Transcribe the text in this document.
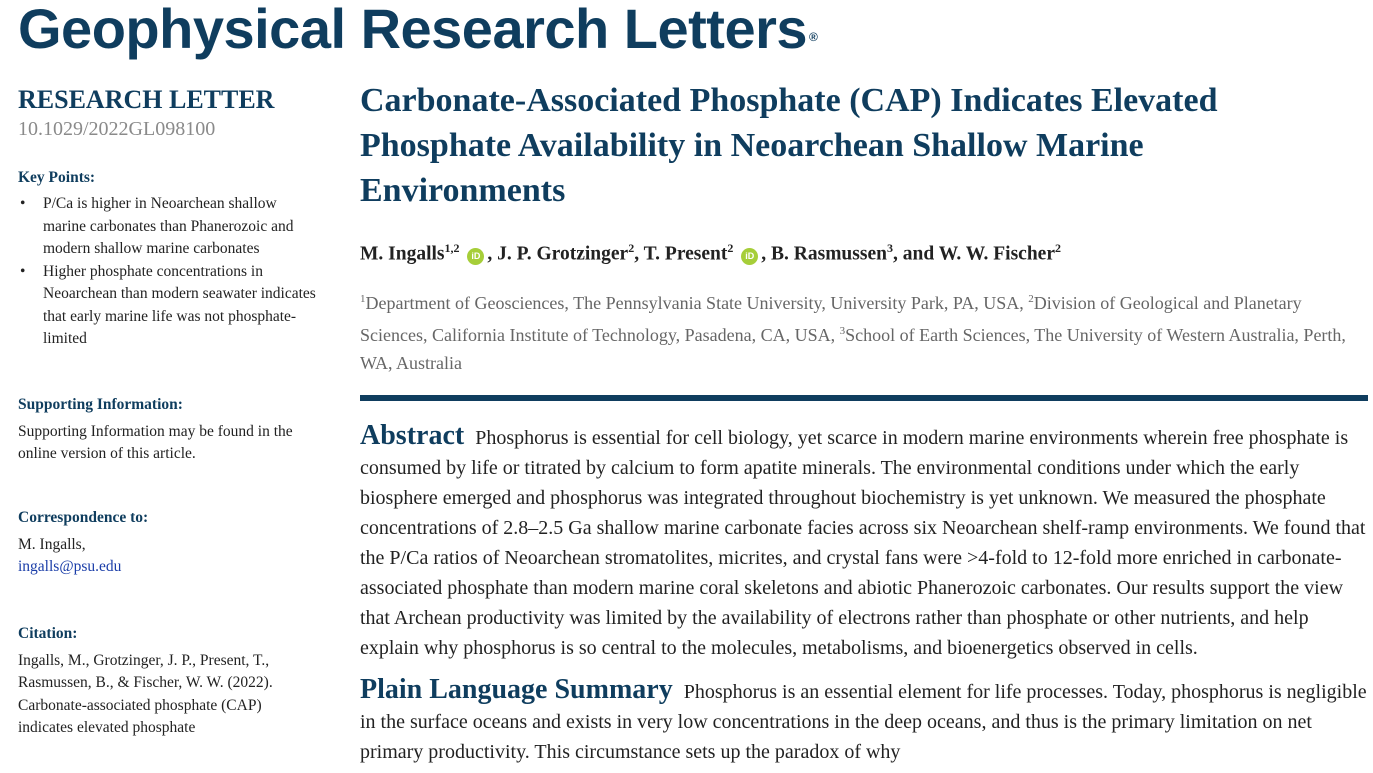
Geophysical Research Letters ®
RESEARCH LETTER
10.1029/2022GL098100
Key Points:
• P/Ca is higher in Neoarchean shallow marine carbonates than Phanerozoic and modern shallow marine carbonates
• Higher phosphate concentrations in Neoarchean than modern seawater indicates that early marine life was not phosphate-limited
Supporting Information:
Supporting Information may be found in the online version of this article.
Correspondence to:
M. Ingalls,
ingalls@psu.edu
Citation:
Ingalls, M., Grotzinger, J. P., Present, T., Rasmussen, B., & Fischer, W. W. (2022). Carbonate-associated phosphate (CAP) indicates elevated phosphate
Carbonate-Associated Phosphate (CAP) Indicates Elevated Phosphate Availability in Neoarchean Shallow Marine Environments
M. Ingalls$^{1,2}$ iD , J. P. Grotzinger$^2$, T. Present$^2$ iD , B. Rasmussen$^3$, and W. W. Fischer$^2$
$^1$Department of Geosciences, The Pennsylvania State University, University Park, PA, USA, $^2$Division of Geological and Planetary Sciences, California Institute of Technology, Pasadena, CA, USA, $^3$School of Earth Sciences, The University of Western Australia, Perth, WA, Australia
Abstract Phosphorus is essential for cell biology, yet scarce in modern marine environments wherein free phosphate is consumed by life or titrated by calcium to form apatite minerals. The environmental conditions under which the early biosphere emerged and phosphorus was integrated throughout biochemistry is yet unknown. We measured the phosphate concentrations of 2.8–2.5 Ga shallow marine carbonate facies across six Neoarchean shelf-ramp environments. We found that the P/Ca ratios of Neoarchean stromatolites, micrites, and crystal fans were >4-fold to 12-fold more enriched in carbonate-associated phosphate than modern marine coral skeletons and abiotic Phanerozoic carbonates. Our results support the view that Archean productivity was limited by the availability of electrons rather than phosphate or other nutrients, and help explain why phosphorus is so central to the molecules, metabolisms, and bioenergetics observed in cells.
Plain Language Summary Phosphorus is an essential element for life processes. Today, phosphorus is negligible in the surface oceans and exists in very low concentrations in the deep oceans, and thus is the primary limitation on net primary productivity. This circumstance sets up the paradox of why
